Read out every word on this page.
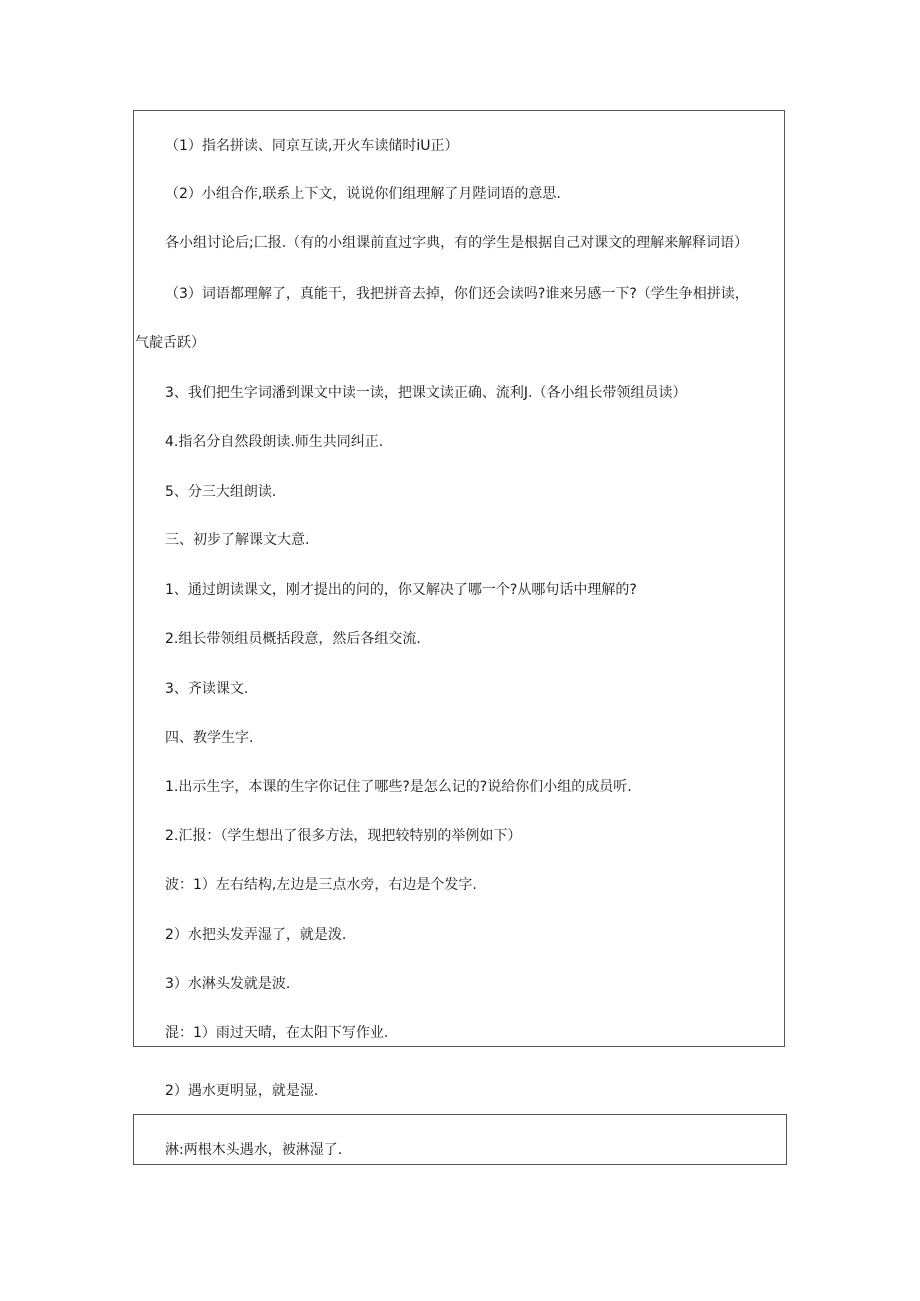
（1）指名拼读、同京互读,开火车读储时iU正）
（2）小组合作,联系上下文，说说你们组理解了月陛词语的意思.
各小组讨论后;匚报.（有的小组课前直过字典，有的学生是根据自己对课文的理解来解释词语）
（3）词语都理解了，真能干，我把拼音去掉，你们还会读吗?谁来另感一下?（学生争相拼读，
气靛舌跃）
3、我们把生字词潘到课文中读一读，把课文读正确、流利J.（各小组长带领组员读）
4.指名分自然段朗读.师生共同纠正.
5、分三大组朗读.
三、初步了解课文大意.
1、通过朗读课文，刚才提出的问的，你又解决了哪一个?从哪句话中理解的?
2.组长带领组员概括段意，然后各组交流.
3、齐读课文.
四、教学生字.
1.出示生字，本课的生字你记住了哪些?是怎么记的?说给你们小组的成员听.
2.汇报：（学生想出了很多方法，现把较特别的举例如下）
波：1）左右结构,左边是三点水旁，右边是个发字.
2）水把头发弄湿了，就是泼.
3）水淋头发就是波.
混：1）雨过天晴，在太阳下写作业.
2）遇水更明显，就是湿.
淋:两根木头遇水，被淋湿了.
